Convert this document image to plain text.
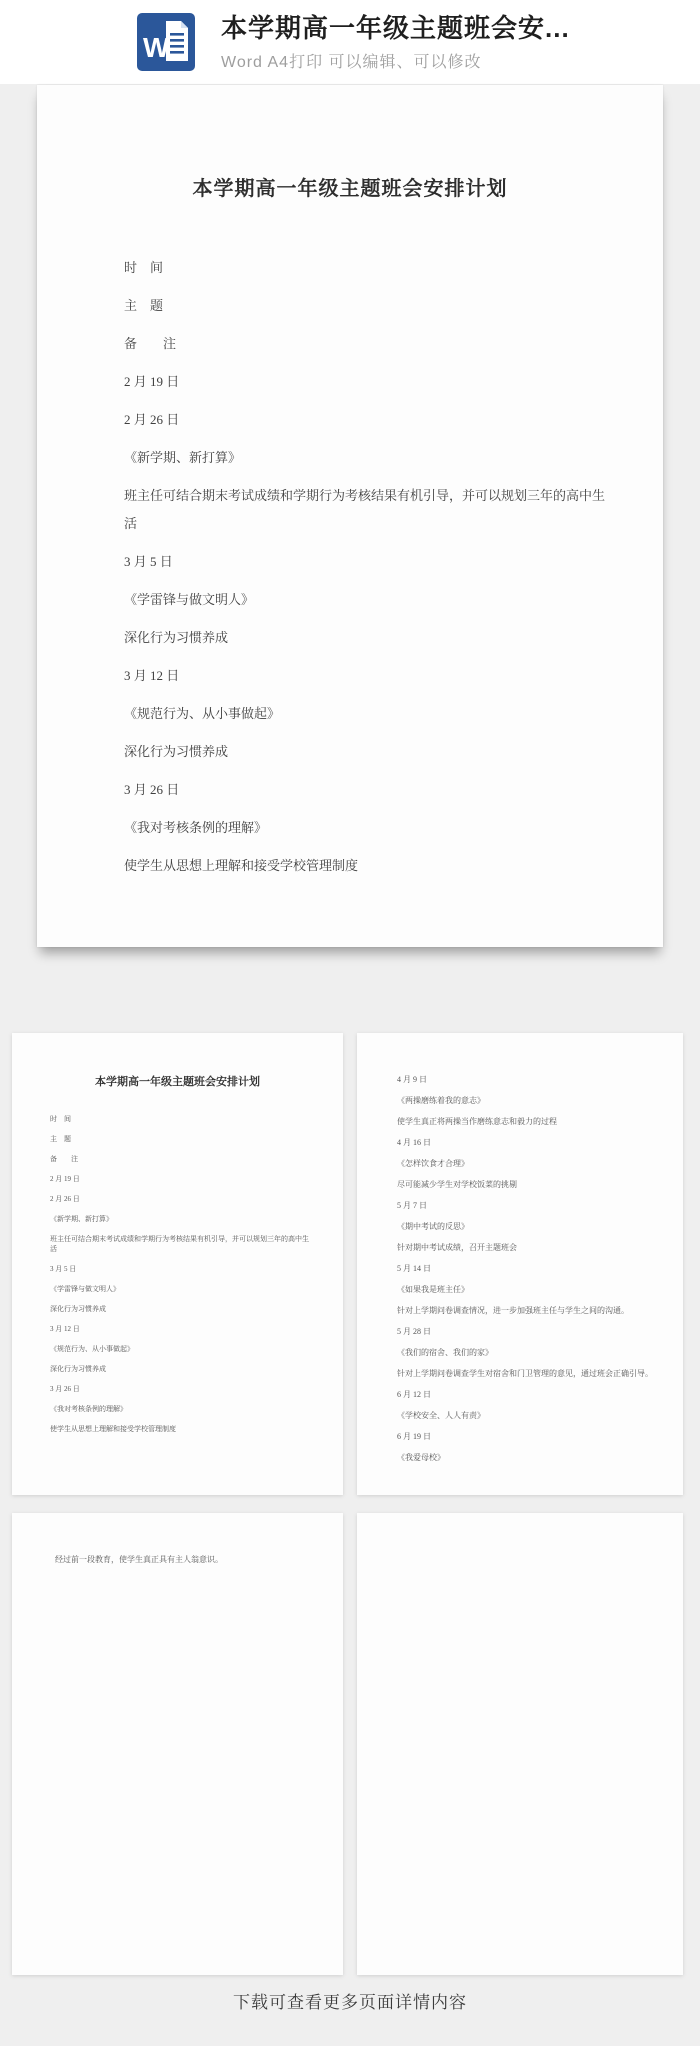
W
本学期高一年级主题班会安...
Word A4打印 可以编辑、可以修改
本学期高一年级主题班会安排计划

时　间

主　题

备　　注

2 月 19 日

2 月 26 日

《新学期、新打算》

班主任可结合期末考试成绩和学期行为考核结果有机引导，并可以规划三年的高中生活

3 月 5 日

《学雷锋与做文明人》

深化行为习惯养成

3 月 12 日

《规范行为、从小事做起》

深化行为习惯养成

3 月 26 日

《我对考核条例的理解》

使学生从思想上理解和接受学校管理制度

本学期高一年级主题班会安排计划

时　间

主　题

备　　注

2 月 19 日

2 月 26 日

《新学期、新打算》

班主任可结合期末考试成绩和学期行为考核结果有机引导，并可以规划三年的高中生活

3 月 5 日

《学雷锋与做文明人》

深化行为习惯养成

3 月 12 日

《规范行为、从小事做起》

深化行为习惯养成

3 月 26 日

《我对考核条例的理解》

使学生从思想上理解和接受学校管理制度

4 月 9 日

《两操磨练着我的意志》

使学生真正将两操当作磨练意志和毅力的过程

4 月 16 日

《怎样饮食才合理》

尽可能减少学生对学校饭菜的挑剔

5 月 7 日

《期中考试的反思》

针对期中考试成绩，召开主题班会

5 月 14 日

《如果我是班主任》

针对上学期问卷调查情况，进一步加强班主任与学生之间的沟通。

5 月 28 日

《我们的宿舍、我们的家》

针对上学期问卷调查学生对宿舍和门卫管理的意见，通过班会正确引导。

6 月 12 日

《学校安全、人人有责》

6 月 19 日

《我爱母校》

经过前一段教育，使学生真正具有主人翁意识。

下载可查看更多页面详情内容
